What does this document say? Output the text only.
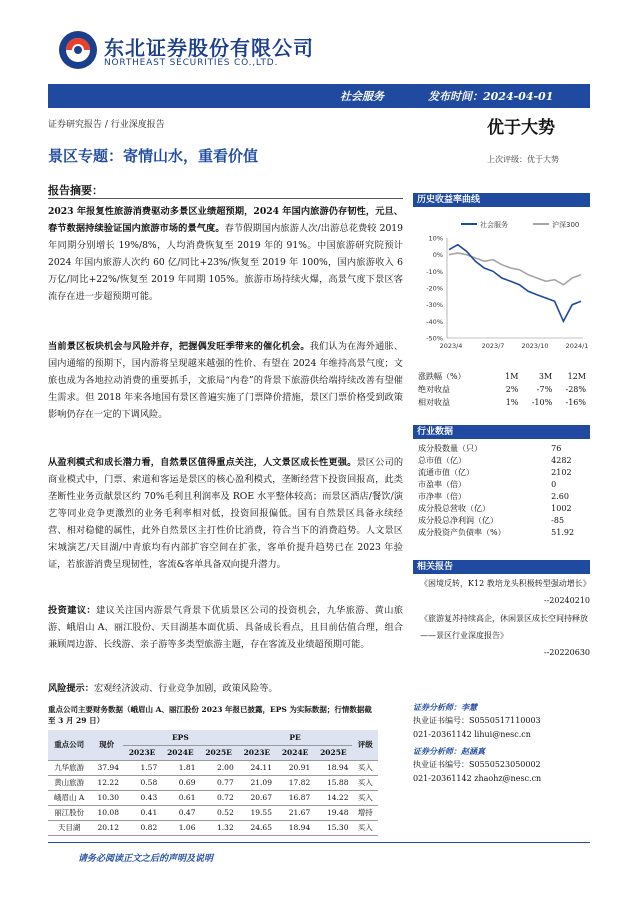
东北证券股份有限公司
NORTHEAST SECURITIES CO.,LTD.
社会服务	发布时间：2024-04-01
证券研究报告 / 行业深度报告	优于大势
景区专题：寄情山水，重看价值	上次评级：优于大势
报告摘要：
2023 年报复性旅游消费驱动多景区业绩超预期，2024 年国内旅游仍存韧性，元旦、春节数据持续验证国内旅游市场的景气度。春节假期国内旅游人次/出游总花费较 2019 年同期分别增长 19%/8%，人均消费恢复至 2019 年的 91%。中国旅游研究院预计 2024 年国内旅游人次约 60 亿/同比+23%/恢复至 2019 年 100%，国内旅游收入 6 万亿/同比+22%/恢复至 2019 年同期 105%。旅游市场持续火爆，高景气度下景区客流存在进一步超预期可能。
当前景区板块机会与风险并存，把握偶发旺季带来的催化机会。我们认为在海外通胀、国内通缩的预期下，国内游将呈现越来越强的性价、有望在 2024 年维持高景气度；文旅也成为各地拉动消费的重要抓手，文旅局“内卷”的背景下旅游供给端持续改善有望催生需求。但 2018 年来各地国有景区普遍实施了门票降价措施，景区门票价格受到政策影响仍存在一定的下调风险。
从盈利模式和成长潜力看，自然景区值得重点关注，人文景区成长性更强。景区公司的商业模式中，门票、索道和客运是景区的核心盈利模式，垄断经营下投资回报高，此类垄断性业务贡献景区约 70%毛利且利润率及 ROE 水平整体较高；而景区酒店/餐饮/演艺等同业竞争更激烈的业务毛利率相对低，投资回报偏低。国有自然景区具备永续经营、相对稳健的属性，此外自然景区主打性价比消费，符合当下的消费趋势。人文景区宋城演艺/天目湖/中青旅均有内部扩容空间在扩张，客单价提升趋势已在 2023 年验证，若旅游消费呈现韧性，客流&客单具备双向提升潜力。
投资建议：建议关注国内游景气背景下优质景区公司的投资机会，九华旅游、黄山旅游、峨眉山 A、丽江股份、天目湖基本面优质、具备成长看点，且目前估值合理，组合兼顾周边游、长线游、亲子游等多类型旅游主题，存在客流及业绩超预期可能。
风险提示：宏观经济波动、行业竞争加剧，政策风险等。
重点公司主要财务数据（峨眉山 A、丽江股份 2023 年报已披露，EPS 为实际数据；行情数据截至 3 月 29 日）
重点公司	现价	EPS			PE			评级
		2023E	2024E	2025E	2023E	2024E	2025E	
九华旅游	37.94	1.57	1.81	2.00	24.11	20.91	18.94	买入
黄山旅游	12.22	0.58	0.69	0.77	21.09	17.82	15.88	买入
峨眉山 A	10.30	0.43	0.61	0.72	20.67	16.87	14.22	买入
丽江股份	10.08	0.41	0.47	0.52	19.55	21.67	19.48	增持
天目湖	20.12	0.82	1.06	1.32	24.65	18.94	15.30	买入
历史收益率曲线
社会服务	沪深300
10%
0%
-10%
-20%
-30%
-40%
-50%
2023/4	2023/7	2023/10	2024/1
涨跌幅（%）	1M	3M	12M
绝对收益	2%	-7%	-28%
相对收益	1%	-10%	-16%
行业数据
成分股数量（只）	76
总市值（亿）	4282
流通市值（亿）	2102
市盈率（倍）	0
市净率（倍）	2.60
成分股总营收（亿）	1002
成分股总净利润（亿）	-85
成分股资产负债率（%）	51.92
相关报告
《困境反转，K12 教培龙头积极转型强动增长》
--20240210
《旅游复苏持续高企，休闲景区成长空间持释放——景区行业深度报告》
--20220630
证券分析师：李慧
执业证书编号：S0550517110003
021-20361142 lihui@nesc.cn
证券分析师：赵涵真
执业证书编号：S0550523050002
021-20361142 zhaohz@nesc.cn
请务必阅读正文之后的声明及说明
